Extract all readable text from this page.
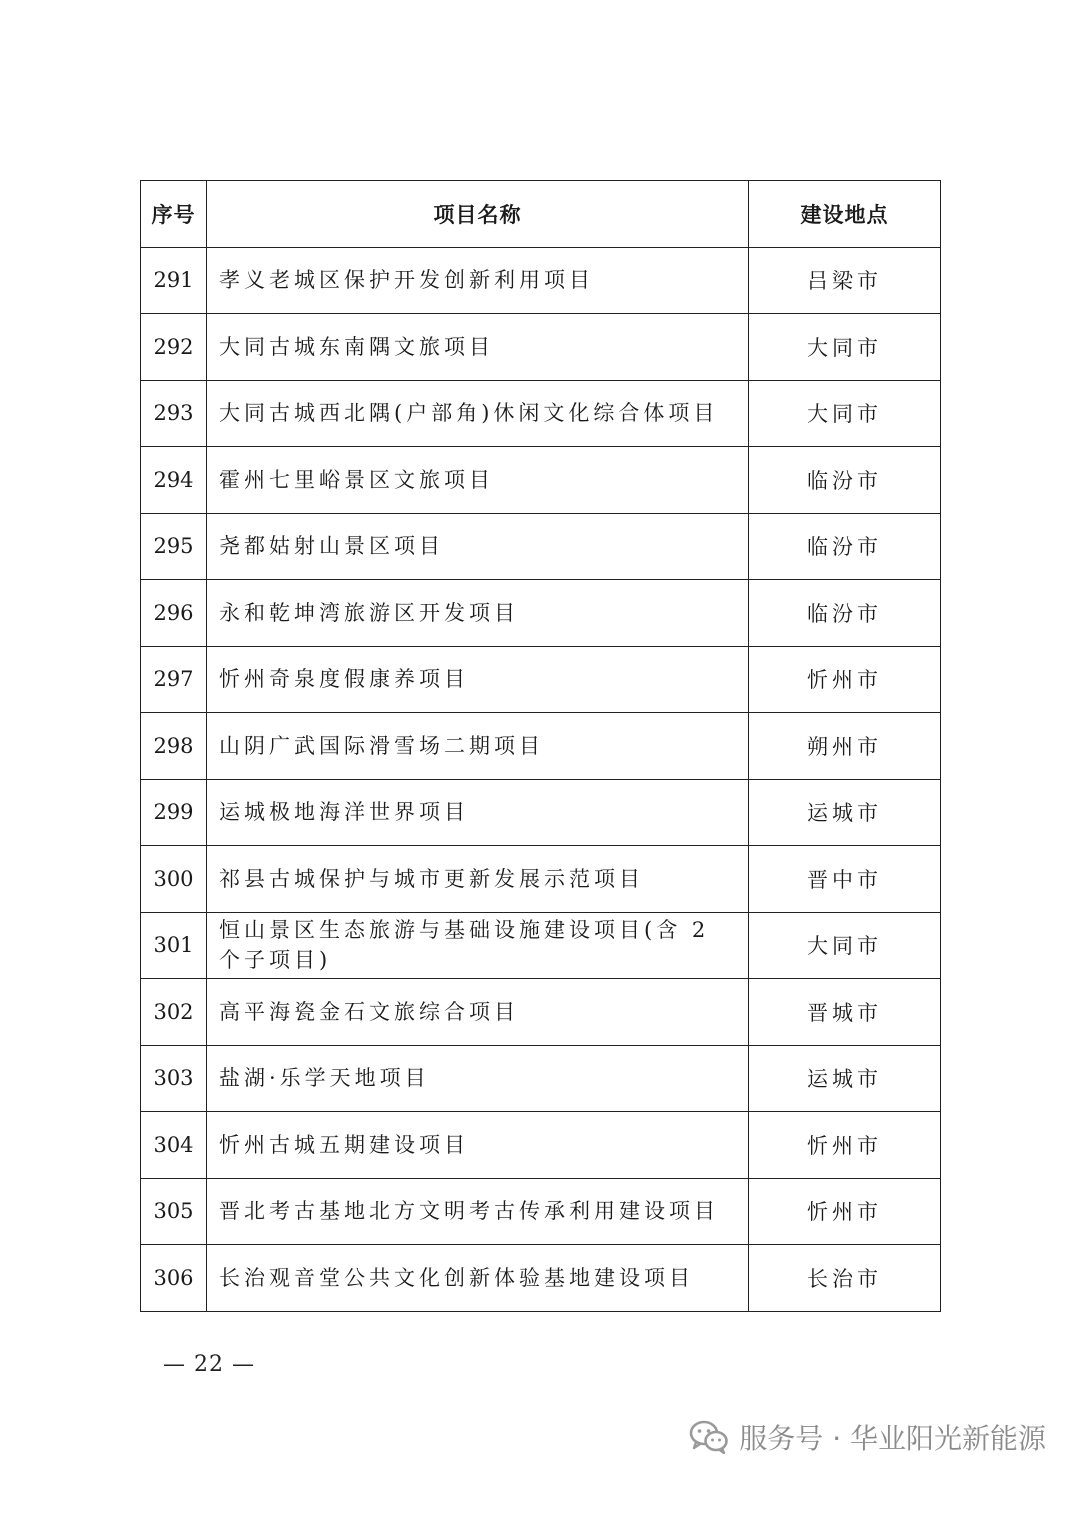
序号	项目名称	建设地点
291	孝义老城区保护开发创新利用项目	吕梁市
292	大同古城东南隅文旅项目	大同市
293	大同古城西北隅(户部角)休闲文化综合体项目	大同市
294	霍州七里峪景区文旅项目	临汾市
295	尧都姑射山景区项目	临汾市
296	永和乾坤湾旅游区开发项目	临汾市
297	忻州奇泉度假康养项目	忻州市
298	山阴广武国际滑雪场二期项目	朔州市
299	运城极地海洋世界项目	运城市
300	祁县古城保护与城市更新发展示范项目	晋中市
301	恒山景区生态旅游与基础设施建设项目(含 2 个子项目)	大同市
302	高平海瓷金石文旅综合项目	晋城市
303	盐湖·乐学天地项目	运城市
304	忻州古城五期建设项目	忻州市
305	晋北考古基地北方文明考古传承利用建设项目	忻州市
306	长治观音堂公共文化创新体验基地建设项目	长治市
— 22 —
服务号 · 华业阳光新能源
